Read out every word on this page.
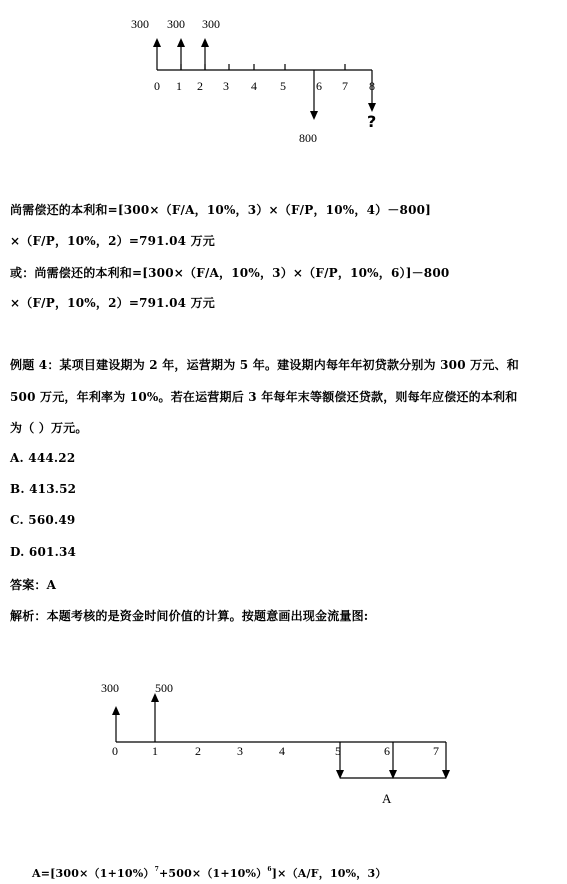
300 300 300
0 1 2 3 4 5	6 7 8
800
?
尚需偿还的本利和=[300×（F/A，10%，3）×（F/P，10%，4）－800]
×（F/P，10%，2）=791.04 万元
或：尚需偿还的本利和=[300×（F/A，10%，3）×（F/P，10%，6）]－800
×（F/P，10%，2）=791.04 万元
例题 4：某项目建设期为 2 年，运营期为 5 年。建设期内每年年初贷款分别为 300 万元、和
500 万元，年利率为 10%。若在运营期后 3 年每年末等额偿还贷款，则每年应偿还的本利和
为（ ）万元。
A. 444.22
B. 413.52
C. 560.49
D. 601.34
答案：A
解析：本题考核的是资金时间价值的计算。按题意画出现金流量图:
300	500
0	1	2	3	4	5	6	7
A
$A=[300\times(1+10\%)^7+500\times(1+10\%)^6]\times(A/F$，10%，3）
